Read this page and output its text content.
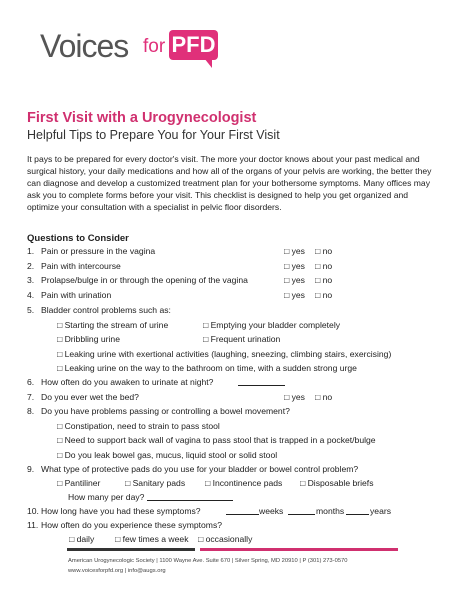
Voices for PFD
First Visit with a Urogynecologist
Helpful Tips to Prepare You for Your First Visit
It pays to be prepared for every doctor's visit. The more your doctor knows about your past medical and surgical history, your daily medications and how all of the organs of your pelvis are working, the better they can diagnose and develop a customized treatment plan for your bothersome symptoms. Many offices may ask you to complete forms before your visit. This checklist is designed to help you get organized and optimize your consultation with a specialist in pelvic floor disorders.
Questions to Consider
1. Pain or pressure in the vagina	□ yes □ no
2. Pain with intercourse	□ yes □ no
3. Prolapse/bulge in or through the opening of the vagina	□ yes □ no
4. Pain with urination	□ yes □ no
5. Bladder control problems such as:
□ Starting the stream of urine	□ Emptying your bladder completely
□ Dribbling urine	□ Frequent urination
□ Leaking urine with exertional activities (laughing, sneezing, climbing stairs, exercising)
□ Leaking urine on the way to the bathroom on time, with a sudden strong urge
6. How often do you awaken to urinate at night?
7. Do you ever wet the bed?	□ yes □ no
8. Do you have problems passing or controlling a bowel movement?
□ Constipation, need to strain to pass stool
□ Need to support back wall of vagina to pass stool that is trapped in a pocket/bulge
□ Do you leak bowel gas, mucus, liquid stool or solid stool
9. What type of protective pads do you use for your bladder or bowel control problem?
□ Pantiliner	□ Sanitary pads □ Incontinence pads □ Disposable briefs
How many per day?
10. How long have you had these symptoms?	weeks	months	years
11. How often do you experience these symptoms?
□ daily □ few times a week □ occasionally
American Urogynecologic Society | 1100 Wayne Ave. Suite 670 | Silver Spring, MD 20910 | P (301) 273-0570
www.voicesforpfd.org | info@augs.org
